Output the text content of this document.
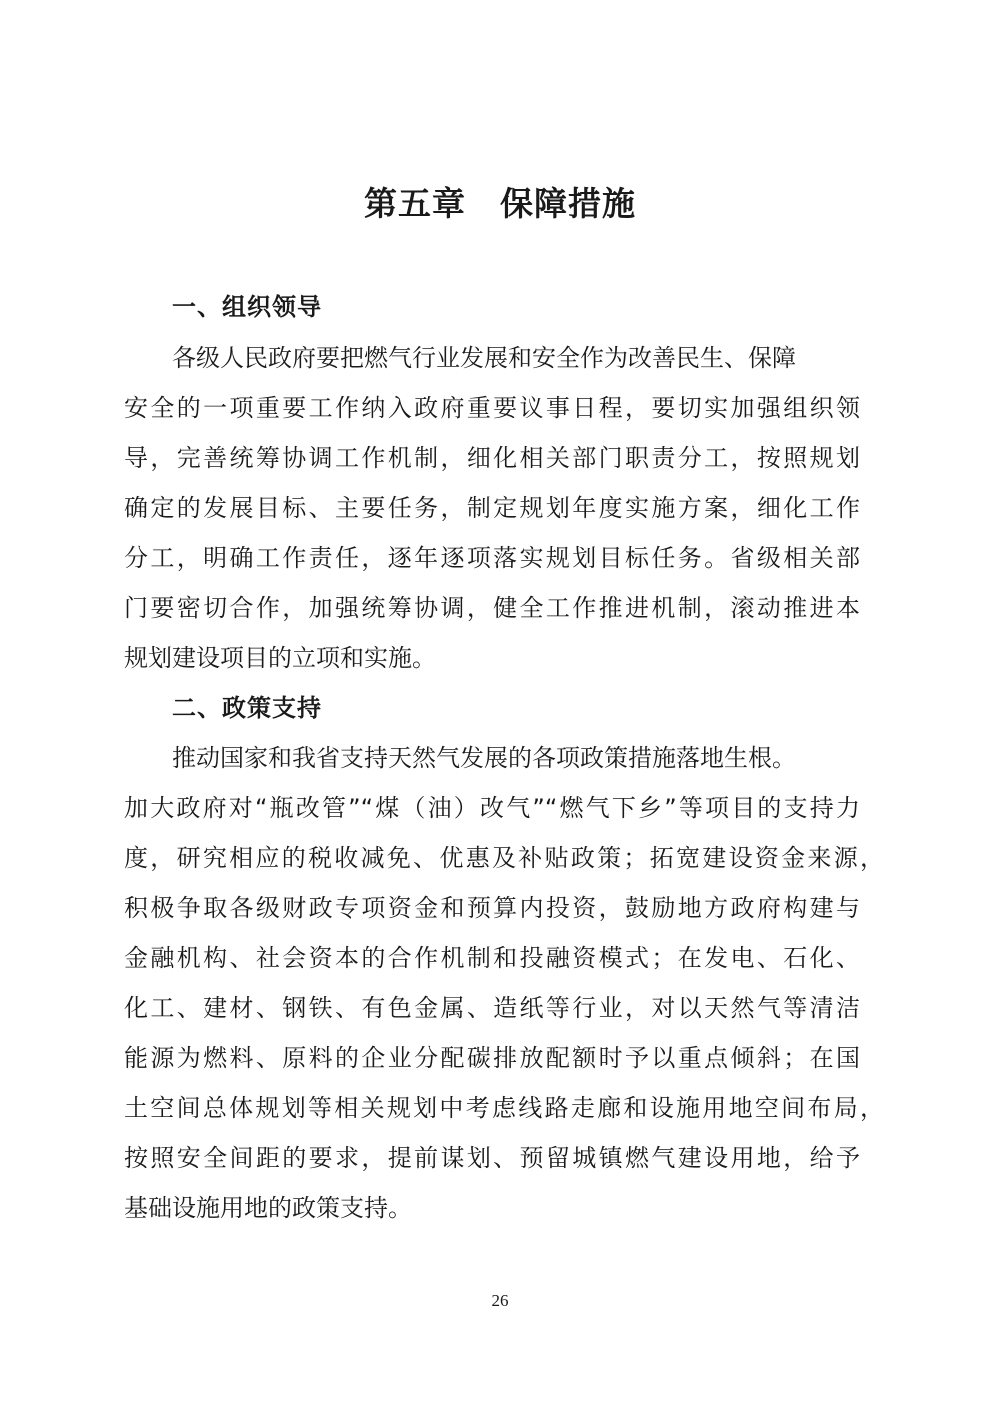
第五章　保障措施
一、组织领导
各级人民政府要把燃气行业发展和安全作为改善民生、保障
安全的一项重要工作纳入政府重要议事日程，要切实加强组织领
导，完善统筹协调工作机制，细化相关部门职责分工，按照规划
确定的发展目标、主要任务，制定规划年度实施方案，细化工作
分工，明确工作责任，逐年逐项落实规划目标任务。省级相关部
门要密切合作，加强统筹协调，健全工作推进机制，滚动推进本
规划建设项目的立项和实施。
二、政策支持
推动国家和我省支持天然气发展的各项政策措施落地生根。
加大政府对“瓶改管”“煤（油）改气”“燃气下乡”等项目的支持力
度，研究相应的税收减免、优惠及补贴政策；拓宽建设资金来源，
积极争取各级财政专项资金和预算内投资，鼓励地方政府构建与
金融机构、社会资本的合作机制和投融资模式；在发电、石化、
化工、建材、钢铁、有色金属、造纸等行业，对以天然气等清洁
能源为燃料、原料的企业分配碳排放配额时予以重点倾斜；在国
土空间总体规划等相关规划中考虑线路走廊和设施用地空间布局，
按照安全间距的要求，提前谋划、预留城镇燃气建设用地，给予
基础设施用地的政策支持。
26
